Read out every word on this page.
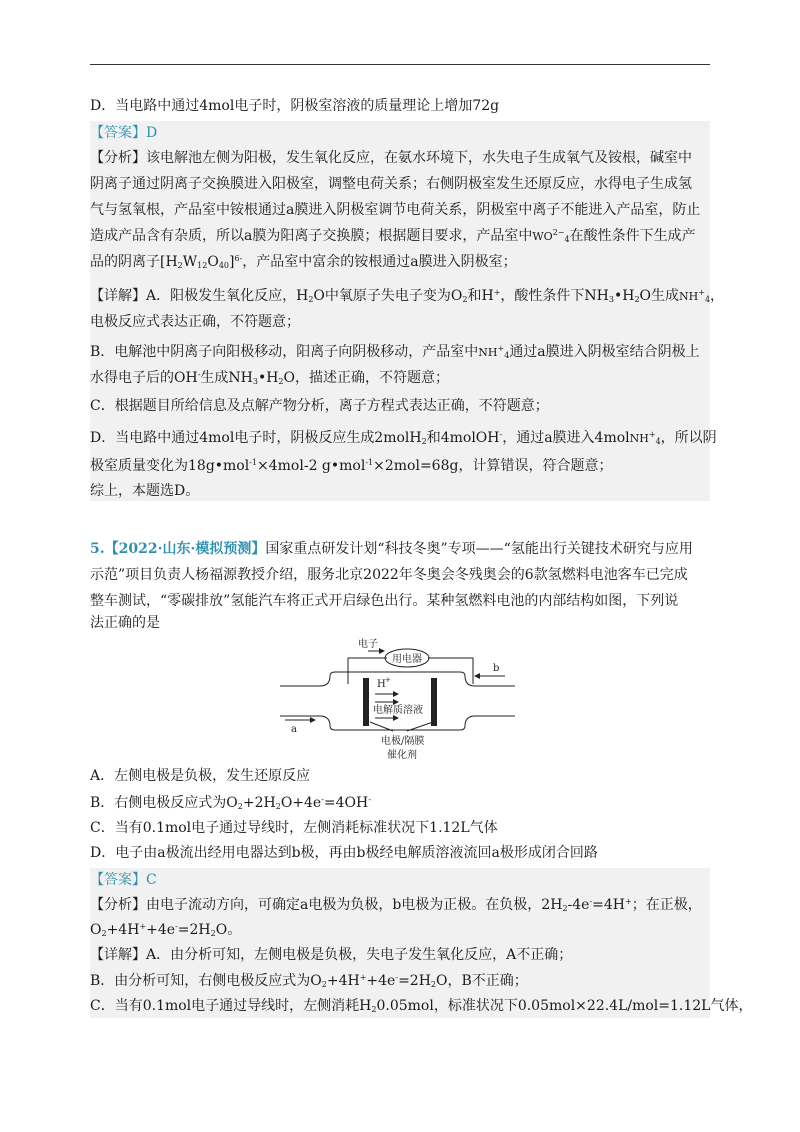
D．当电路中通过4mol电子时，阴极室溶液的质量理论上增加72g
【答案】D
【分析】该电解池左侧为阳极，发生氧化反应，在氨水环境下，水失电子生成氧气及铵根，碱室中
阴离子通过阴离子交换膜进入阳极室，调整电荷关系；右侧阴极室发生还原反应，水得电子生成氢
气与氢氧根，产品室中铵根通过a膜进入阴极室调节电荷关系，阴极室中离子不能进入产品室，防止
造成产品含有杂质，所以a膜为阳离子交换膜；根据题目要求，产品室中$WO^{2-}_4$在酸性条件下生成产
品的阴离子$[H_2W_{12}O_{40}]^{6-}$，产品室中富余的铵根通过a膜进入阴极室；
【详解】A．阳极发生氧化反应，$H_2O$中氧原子失电子变为$O_2$和H+，酸性条件下$NH_3•H_2O$生成$NH^+_4$，
电极反应式表达正确，不符题意；
B．电解池中阴离子向阳极移动，阳离子向阴极移动，产品室中$NH^+_4$通过a膜进入阴极室结合阴极上
水得电子后的OH-生成$NH_3•H_2O$，描述正确，不符题意；
C．根据题目所给信息及点解产物分析，离子方程式表达正确，不符题意；
D．当电路中通过4mol电子时，阴极反应生成2molH$_2$和4molOH-，通过a膜进入4molNH+$_4$，所以阴
极室质量变化为18g•mol$^{-1}$×4mol-2 g•mol$^{-1}$×2mol=68g，计算错误，符合题意；
综上，本题选D。
5.【2022·山东·模拟预测】国家重点研发计划“科技冬奥”专项——“氢能出行关键技术研究与应用
示范”项目负责人杨福源教授介绍，服务北京2022年冬奥会冬残奥会的6款氢燃料电池客车已完成
整车测试，“零碳排放”氢能汽车将正式开启绿色出行。某种氢燃料电池的内部结构如图，下列说
法正确的是
电子
用电器
H +
电解质溶液
b
a
电极/隔膜
催化剂
A．左侧电极是负极，发生还原反应
B．右侧电极反应式为$O_2+2H_2O+4e^-=4OH^-$
C．当有0.1mol电子通过导线时，左侧消耗标准状况下1.12L气体
D．电子由a极流出经用电器达到b极，再由b极经电解质溶液流回a极形成闭合回路
【答案】C
【分析】由电子流动方向，可确定a电极为负极，b电极为正极。在负极，$2H_2-4e^-=4H^+$；在正极，
$O_2+4H^++4e^-=2H_2O$。
【详解】A．由分析可知，左侧电极是负极，失电子发生氧化反应，A不正确；
B．由分析可知，右侧电极反应式为$O_2+4H^++4e^-=2H_2O$，B不正确；
C．当有0.1mol电子通过导线时，左侧消耗$H_20.05mol$，标准状况下0.05mol×22.4L/mol=1.12L气体，
